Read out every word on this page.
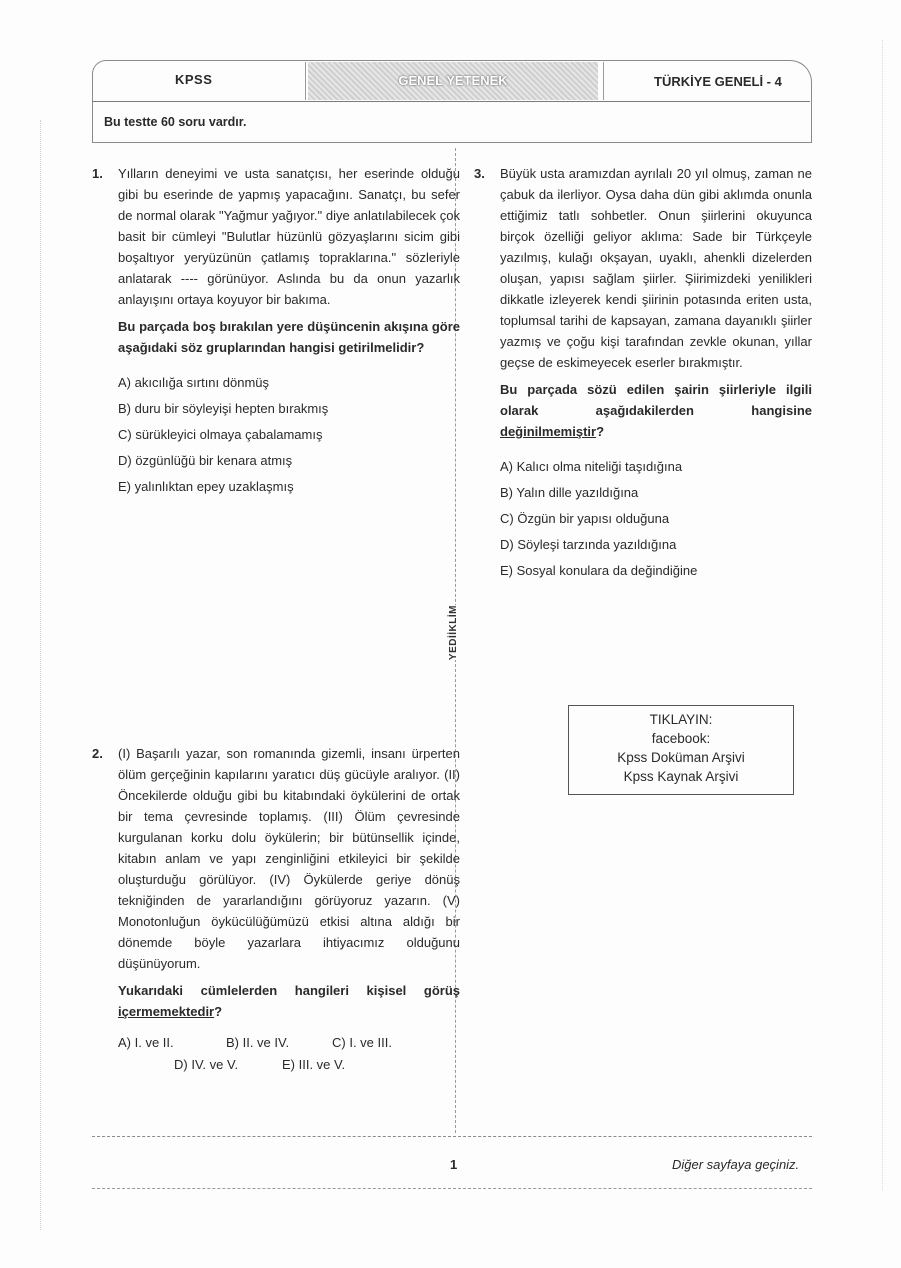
KPSS	GENEL YETENEK	TÜRKİYE GENELİ - 4
Bu testte 60 soru vardır.
YEDİİKLİM
1. Yılların deneyimi ve usta sanatçısı, her eserinde olduğu gibi bu eserinde de yapmış yapacağını. Sanatçı, bu sefer de normal olarak "Yağmur yağıyor." diye anlatılabilecek çok basit bir cümleyi "Bulutlar hüzünlü gözyaşlarını sicim gibi boşaltıyor yeryüzünün çatlamış topraklarına." sözleriyle anlatarak ---- görünüyor. Aslında bu da onun yazarlık anlayışını ortaya koyuyor bir bakıma.

Bu parçada boş bırakılan yere düşüncenin akışına göre aşağıdaki söz gruplarından hangisi getirilmelidir?

A) akıcılığa sırtını dönmüş
B) duru bir söyleyişi hepten bırakmış
C) sürükleyici olmaya çabalamamış
D) özgünlüğü bir kenara atmış
E) yalınlıktan epey uzaklaşmış
2. (I) Başarılı yazar, son romanında gizemli, insanı ürperten ölüm gerçeğinin kapılarını yaratıcı düş gücüyle aralıyor. (II) Öncekilerde olduğu gibi bu kitabındaki öykülerini de ortak bir tema çevresinde toplamış. (III) Ölüm çevresinde kurgulanan korku dolu öykülerin; bir bütünsellik içinde, kitabın anlam ve yapı zenginliğini etkileyici bir şekilde oluşturduğu görülüyor. (IV) Öykülerde geriye dönüş tekniğinden de yararlandığını görüyoruz yazarın. (V) Monotonluğun öykücülüğümüzü etkisi altına aldığı bir dönemde böyle yazarlara ihtiyacımız olduğunu düşünüyorum.

Yukarıdaki cümlelerden hangileri kişisel görüş içermemektedir?

A) I. ve II.	B) II. ve IV.	C) I. ve III.
D) IV. ve V.	E) III. ve V.
3. Büyük usta aramızdan ayrılalı 20 yıl olmuş, zaman ne çabuk da ilerliyor. Oysa daha dün gibi aklımda onunla ettiğimiz tatlı sohbetler. Onun şiirlerini okuyunca birçok özelliği geliyor aklıma: Sade bir Türkçeyle yazılmış, kulağı okşayan, uyaklı, ahenkli dizelerden oluşan, yapısı sağlam şiirler. Şiirimizdeki yenilikleri dikkatle izleyerek kendi şiirinin potasında eriten usta, toplumsal tarihi de kapsayan, zamana dayanıklı şiirler yazmış ve çoğu kişi tarafından zevkle okunan, yıllar geçse de eskimeyecek eserler bırakmıştır.

Bu parçada sözü edilen şairin şiirleriyle ilgili olarak aşağıdakilerden hangisine değinilmemiştir?

A) Kalıcı olma niteliği taşıdığına
B) Yalın dille yazıldığına
C) Özgün bir yapısı olduğuna
D) Söyleşi tarzında yazıldığına
E) Sosyal konulara da değindiğine
TIKLAYIN:
facebook:
Kpss Doküman Arşivi
Kpss Kaynak Arşivi
1	Diğer sayfaya geçiniz.
